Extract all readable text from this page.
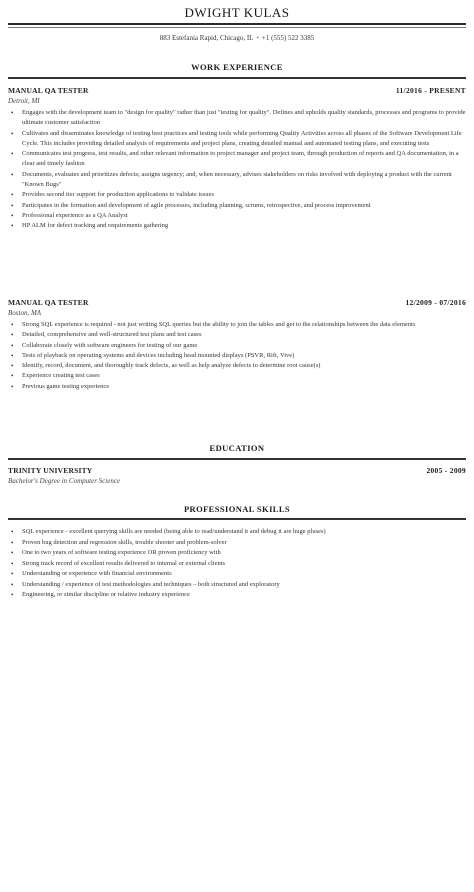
DWIGHT KULAS
883 Estefania Rapid, Chicago, IL • +1 (555) 522 3385
WORK EXPERIENCE
MANUAL QA TESTER	11/2016 - PRESENT
Detroit, MI
• Engages with the development team to "design for quality" rather than just "testing for quality". Defines and upholds quality standards, processes and programs to provide ultimate customer satisfaction
• Cultivates and disseminates knowledge of testing best practices and testing tools while performing Quality Activities across all phases of the Software Development Life Cycle. This includes providing detailed analysis of requirements and project plans, creating detailed manual and automated testing plans, and executing tests
• Communicates test progress, test results, and other relevant information to project manager and project team, through production of reports and QA documentation, in a clear and timely fashion
• Documents, evaluates and prioritizes defects; assigns urgency; and, when necessary, advises stakeholders on risks involved with deploying a product with the current "Known Bugs"
• Provides second tier support for production applications to validate issues
• Participates in the formation and development of agile processes, including planning, scrums, retrospective, and process improvement
• Professional experience as a QA Analyst
• HP ALM for defect tracking and requirements gathering
MANUAL QA TESTER	12/2009 - 07/2016
Boston, MA
• Strong SQL experience is required - not just writing SQL queries but the ability to join the tables and get to the relationships between the data elements
• Detailed, comprehensive and well-structured test plans and test cases
• Collaborate closely with software engineers for testing of our game
• Tests of playback on operating systems and devices including head mounted displays (PSVR, Rift, Vive)
• Identify, record, document, and thoroughly track defects, as well as help analyze defects to determine root cause(s)
• Experience creating test cases
• Previous game testing experience
EDUCATION
TRINITY UNIVERSITY	2005 - 2009
Bachelor's Degree in Computer Science
PROFESSIONAL SKILLS
• SQL experience - excellent querying skills are needed (being able to read/understand it and debug it are huge pluses)
• Proven bug detection and regression skills, trouble shooter and problem-solver
• One to two years of software testing experience OR proven proficiency with
• Strong track record of excellent results delivered to internal or external clients
• Understanding or experience with financial environments
• Understanding / experience of test methodologies and techniques – both structured and exploratory
• Engineering, or similar discipline or relative industry experience
